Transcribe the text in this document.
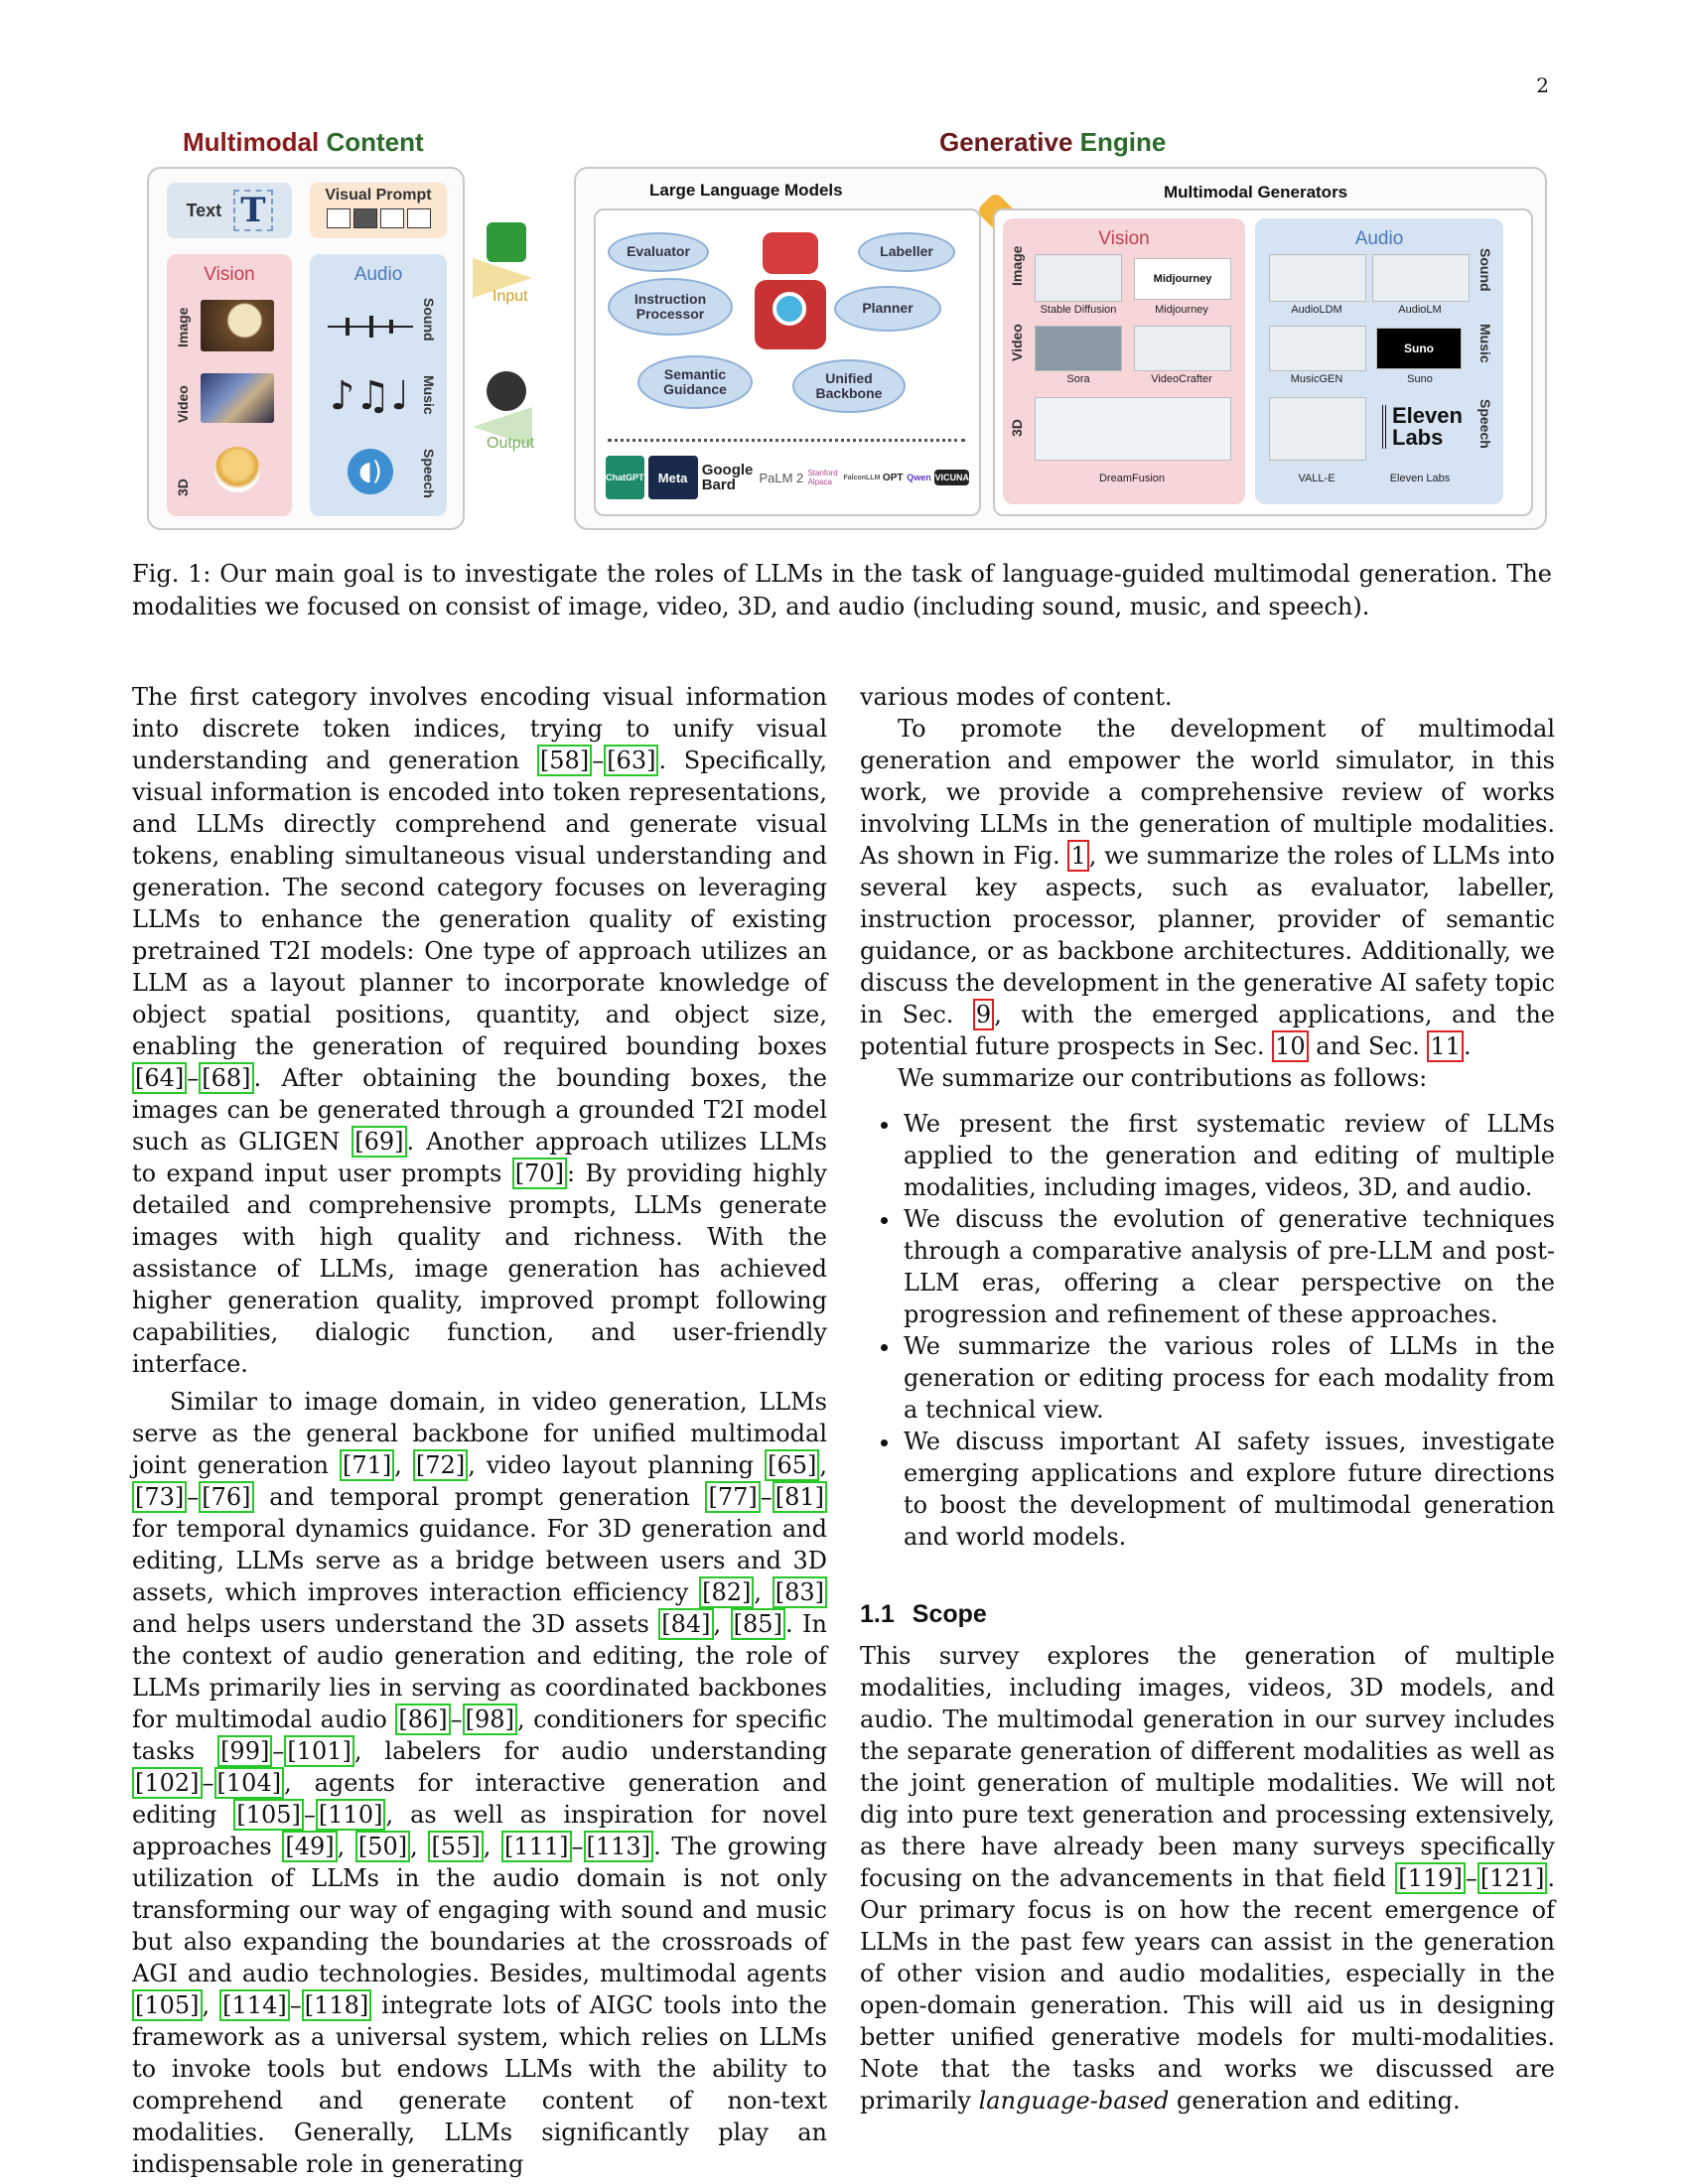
2
Multimodal Content	Generative Engine
Text T	Visual Prompt
Vision
Image
Video
3D
Audio
Sound
Music
Speech
♪♫♩
◖)
Input
Output
Large Language Models	Multimodal Generators
Evaluator	Labeller
Instruction Processor	Planner
Semantic Guidance
Unified Backbone
ChatGPT	Meta Google Bard	PaLM 2 Stanford Alpaca	FalconLLM OPT Qwen VICUNA
Vision
Image
Video
3D
Stable Diffusion
Midjourney
Midjourney
Sora	VideoCrafter
DreamFusion
Audio
Sound
Music
Speech
AudioLDM	AudioLM
MusicGEN
Suno
Suno
VALL-E
Eleven
Labs
Eleven Labs
Fig. 1: Our main goal is to investigate the roles of LLMs in the task of language-guided multimodal generation. The modalities we focused on consist of image, video, 3D, and audio (including sound, music, and speech).

The first category involves encoding visual information into discrete token indices, trying to unify visual understanding and generation [58] – [63] . Specifically, visual information is encoded into token representations, and LLMs directly comprehend and generate visual tokens, enabling simultaneous visual understanding and generation. The second category focuses on leveraging LLMs to enhance the generation quality of existing pretrained T2I models: One type of approach utilizes an LLM as a layout planner to incorporate knowledge of object spatial positions, quantity, and object size, enabling the generation of required bounding boxes [64] – [68] . After obtaining the bounding boxes, the images can be generated through a grounded T2I model such as GLIGEN [69] . Another approach utilizes LLMs to expand input user prompts [70] : By providing highly detailed and comprehensive prompts, LLMs generate images with high quality and richness. With the assistance of LLMs, image generation has achieved higher generation quality, improved prompt following capabilities, dialogic function, and user-friendly interface.

Similar to image domain, in video generation, LLMs serve as the general backbone for unified multimodal joint generation [71] , [72] , video layout planning [65] , [73] – [76] and temporal prompt generation [77] – [81] for temporal dynamics guidance. For 3D generation and editing, LLMs serve as a bridge between users and 3D assets, which improves interaction efficiency [82] , [83] and helps users understand the 3D assets [84] , [85] . In the context of audio generation and editing, the role of LLMs primarily lies in serving as coordinated backbones for multimodal audio [86] – [98] , conditioners for specific tasks [99] – [101] , labelers for audio understanding [102] – [104] , agents for interactive generation and editing [105] – [110] , as well as inspiration for novel approaches [49] , [50] , [55] , [111] – [113] . The growing utilization of LLMs in the audio domain is not only transforming our way of engaging with sound and music but also expanding the boundaries at the crossroads of AGI and audio technologies. Besides, multimodal agents [105] , [114] – [118] integrate lots of AIGC tools into the framework as a universal system, which relies on LLMs to invoke tools but endows LLMs with the ability to comprehend and generate content of non-text modalities. Generally, LLMs significantly play an indispensable role in generating

various modes of content.

To promote the development of multimodal generation and empower the world simulator, in this work, we provide a comprehensive review of works involving LLMs in the generation of multiple modalities. As shown in Fig. 1 , we summarize the roles of LLMs into several key aspects, such as evaluator, labeller, instruction processor, planner, provider of semantic guidance, or as backbone architectures. Additionally, we discuss the development in the generative AI safety topic in Sec. 9 , with the emerged applications, and the potential future prospects in Sec. 10 and Sec. 11 .

We summarize our contributions as follows:

• We present the first systematic review of LLMs applied to the generation and editing of multiple modalities, including images, videos, 3D, and audio.
• We discuss the evolution of generative techniques through a comparative analysis of pre-LLM and post-LLM eras, offering a clear perspective on the progression and refinement of these approaches.
• We summarize the various roles of LLMs in the generation or editing process for each modality from a technical view.
• We discuss important AI safety issues, investigate emerging applications and explore future directions to boost the development of multimodal generation and world models.
1.1 Scope

This survey explores the generation of multiple modalities, including images, videos, 3D models, and audio. The multimodal generation in our survey includes the separate generation of different modalities as well as the joint generation of multiple modalities. We will not dig into pure text generation and processing extensively, as there have already been many surveys specifically focusing on the advancements in that field [119] – [121] . Our primary focus is on how the recent emergence of LLMs in the past few years can assist in the generation of other vision and audio modalities, especially in the open-domain generation. This will aid us in designing better unified generative models for multi-modalities. Note that the tasks and works we discussed are primarily language-based generation and editing.
